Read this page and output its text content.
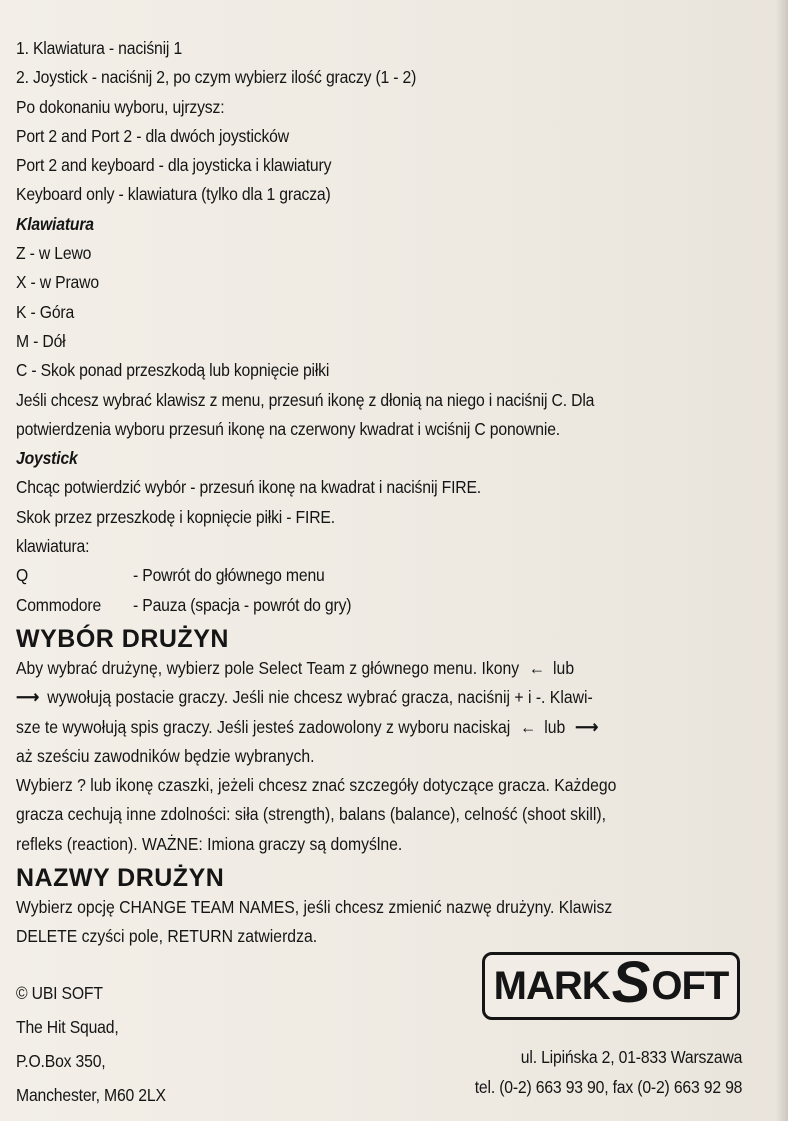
1. Klawiatura - naciśnij 1
2. Joystick - naciśnij 2, po czym wybierz ilość graczy (1 - 2)
Po dokonaniu wyboru, ujrzysz:
Port 2 and Port 2 - dla dwóch joysticków
Port 2 and keyboard - dla joysticka i klawiatury
Keyboard only - klawiatura (tylko dla 1 gracza)
Klawiatura
Z - w Lewo
X - w Prawo
K - Góra
M - Dół
C - Skok ponad przeszkodą lub kopnięcie piłki
Jeśli chcesz wybrać klawisz z menu, przesuń ikonę z dłonią na niego i naciśnij C. Dla
potwierdzenia wyboru przesuń ikonę na czerwony kwadrat i wciśnij C ponownie.
Joystick
Chcąc potwierdzić wybór - przesuń ikonę na kwadrat i naciśnij FIRE.
Skok przez przeszkodę i kopnięcie piłki - FIRE.
klawiatura:
Q	- Powrót do głównego menu
Commodore	- Pauza (spacja - powrót do gry)
WYBÓR DRUŻYN
Aby wybrać drużynę, wybierz pole Select Team z głównego menu. Ikony ← lub
⟶ wywołują postacie graczy. Jeśli nie chcesz wybrać gracza, naciśnij + i -. Klawi-
sze te wywołują spis graczy. Jeśli jesteś zadowolony z wyboru naciskaj ← lub ⟶
aż sześciu zawodników będzie wybranych.
Wybierz ? lub ikonę czaszki, jeżeli chcesz znać szczegóły dotyczące gracza. Każdego
gracza cechują inne zdolności: siła (strength), balans (balance), celność (shoot skill),
refleks (reaction). WAŻNE: Imiona graczy są domyślne.
NAZWY DRUŻYN
Wybierz opcję CHANGE TEAM NAMES, jeśli chcesz zmienić nazwę drużyny. Klawisz
DELETE czyści pole, RETURN zatwierdza.
© UBI SOFT
The Hit Squad,
P.O.Box 350,
Manchester, M60 2LX
MARK S OFT
ul. Lipińska 2, 01-833 Warszawa
tel. (0-2) 663 93 90, fax (0-2) 663 92 98
